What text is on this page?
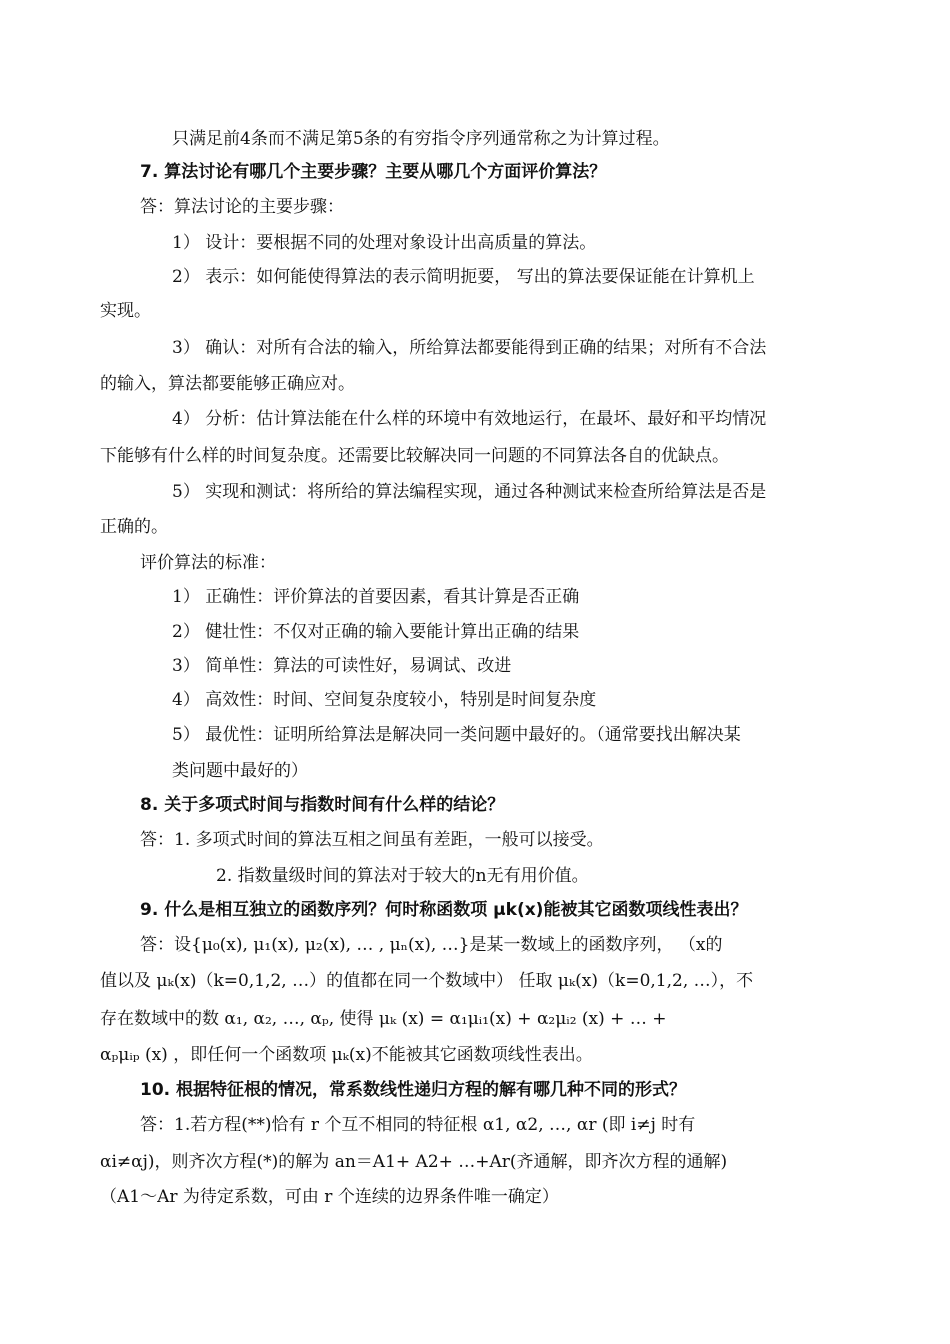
只满足前4条而不满足第5条的有穷指令序列通常称之为计算过程。
7. 算法讨论有哪几个主要步骤？主要从哪几个方面评价算法？
答：算法讨论的主要步骤：
1） 设计：要根据不同的处理对象设计出高质量的算法。
2） 表示：如何能使得算法的表示简明扼要， 写出的算法要保证能在计算机上
实现。
3） 确认：对所有合法的输入，所给算法都要能得到正确的结果；对所有不合法
的输入，算法都要能够正确应对。
4） 分析：估计算法能在什么样的环境中有效地运行，在最坏、最好和平均情况
下能够有什么样的时间复杂度。还需要比较解决同一问题的不同算法各自的优缺点。
5） 实现和测试：将所给的算法编程实现，通过各种测试来检查所给算法是否是
正确的。
评价算法的标准：
1） 正确性：评价算法的首要因素，看其计算是否正确
2） 健壮性：不仅对正确的输入要能计算出正确的结果
3） 简单性：算法的可读性好，易调试、改进
4） 高效性：时间、空间复杂度较小，特别是时间复杂度
5） 最优性：证明所给算法是解决同一类问题中最好的。（通常要找出解决某
类问题中最好的）
8. 关于多项式时间与指数时间有什么样的结论？
答：1. 多项式时间的算法互相之间虽有差距，一般可以接受。
2. 指数量级时间的算法对于较大的n无有用价值。
9. 什么是相互独立的函数序列？何时称函数项 μk(x)能被其它函数项线性表出？
答：设{μ₀(x), μ₁(x), μ₂(x), … , μₙ(x), …}是某一数域上的函数序列， （x的
值以及 μₖ(x)（k=0,1,2, …）的值都在同一个数域中） 任取 μₖ(x)（k=0,1,2, …），不
存在数域中的数 α₁, α₂, …, αₚ, 使得 μₖ (x) = α₁μᵢ₁(x) + α₂μᵢ₂ (x) + … +
αₚμᵢₚ (x) ，即任何一个函数项 μₖ(x)不能被其它函数项线性表出。
10. 根据特征根的情况，常系数线性递归方程的解有哪几种不同的形式？
答：1.若方程(**)恰有 r 个互不相同的特征根 α1, α2, …, αr (即 i≠j 时有
αi≠αj)，则齐次方程(*)的解为 an＝A1+ A2+ …+Ar(齐通解，即齐次方程的通解)
（A1～Ar 为待定系数，可由 r 个连续的边界条件唯一确定）
